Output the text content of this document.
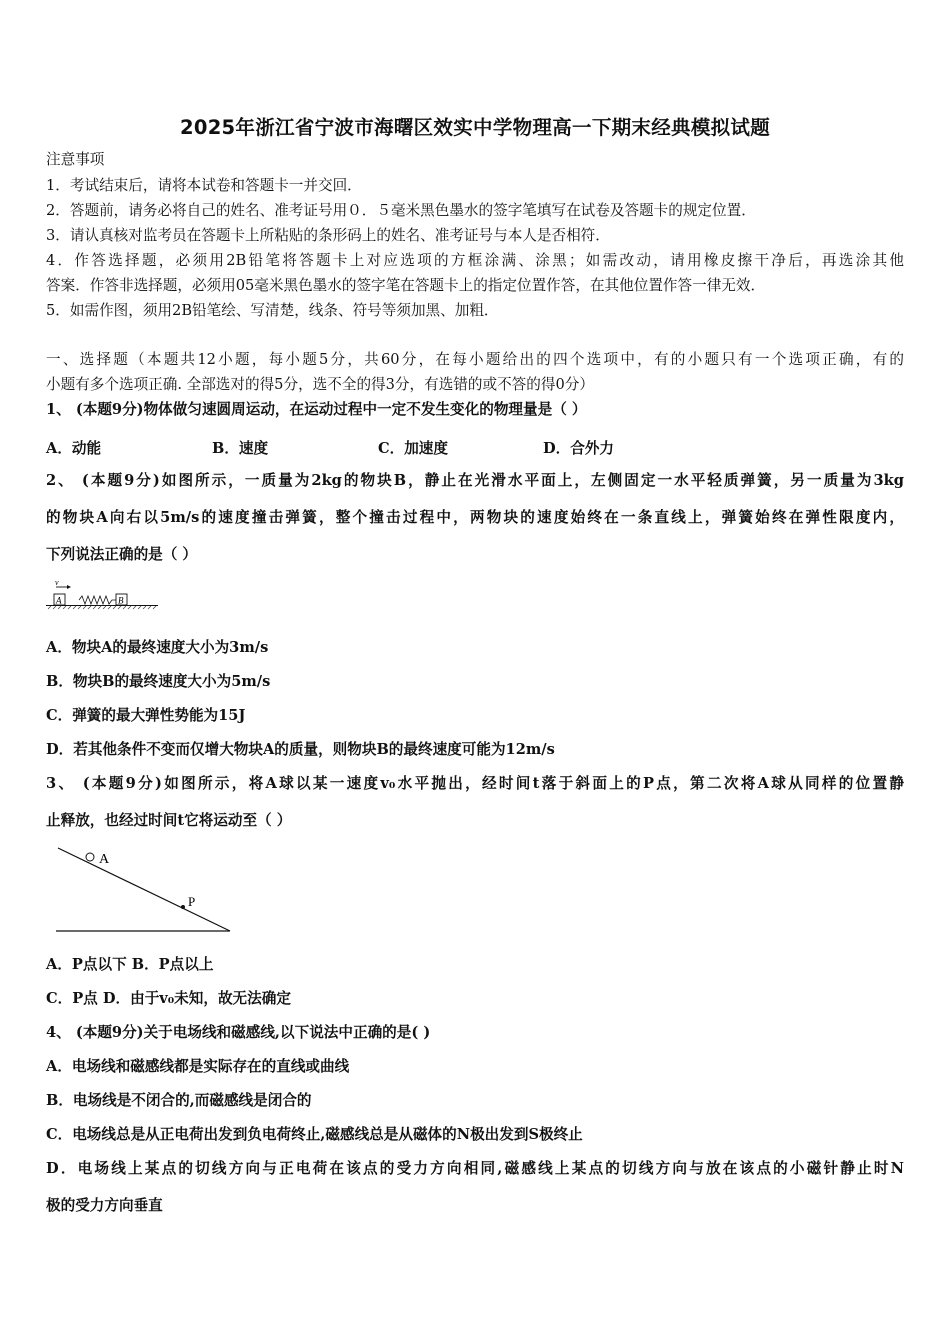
2025年浙江省宁波市海曙区效实中学物理高一下期末经典模拟试题
注意事项
1．考试结束后，请将本试卷和答题卡一并交回．
2．答题前，请务必将自己的姓名、准考证号用０．５毫米黑色墨水的签字笔填写在试卷及答题卡的规定位置．
3．请认真核对监考员在答题卡上所粘贴的条形码上的姓名、准考证号与本人是否相符．
4．作答选择题，必须用2B铅笔将答题卡上对应选项的方框涂满、涂黑；如需改动，请用橡皮擦干净后，再选涂其他
答案．作答非选择题，必须用05毫米黑色墨水的签字笔在答题卡上的指定位置作答，在其他位置作答一律无效．
5．如需作图，须用2B铅笔绘、写清楚，线条、符号等须加黑、加粗．
一、选择题（本题共12小题，每小题5分，共60分，在每小题给出的四个选项中，有的小题只有一个选项正确，有的
小题有多个选项正确. 全部选对的得5分，选不全的得3分，有选错的或不答的得0分）
1、 (本题9分)物体做匀速圆周运动，在运动过程中一定不发生变化的物理量是（ ）
A．动能	B．速度	C．加速度	D．合外力
2、 (本题9分)如图所示，一质量为2kg的物块B，静止在光滑水平面上，左侧固定一水平轻质弹簧，另一质量为3kg
的物块A向右以5m/s的速度撞击弹簧，整个撞击过程中，两物块的速度始终在一条直线上，弹簧始终在弹性限度内，
下列说法正确的是（ ）
v
A	B
A．物块A的最终速度大小为3m/s
B．物块B的最终速度大小为5m/s
C．弹簧的最大弹性势能为15J
D．若其他条件不变而仅增大物块A的质量，则物块B的最终速度可能为12m/s
3、 (本题9分)如图所示，将A球以某一速度v₀水平抛出，经时间t落于斜面上的P点，第二次将A球从同样的位置静
止释放，也经过时间t它将运动至（ ）
A
P
A．P点以下 B．P点以上
C．P点 D．由于v₀未知，故无法确定
4、 (本题9分)关于电场线和磁感线,以下说法中正确的是( )
A．电场线和磁感线都是实际存在的直线或曲线
B．电场线是不闭合的,而磁感线是闭合的
C．电场线总是从正电荷出发到负电荷终止,磁感线总是从磁体的N极出发到S极终止
D．电场线上某点的切线方向与正电荷在该点的受力方向相同,磁感线上某点的切线方向与放在该点的小磁针静止时N
极的受力方向垂直
